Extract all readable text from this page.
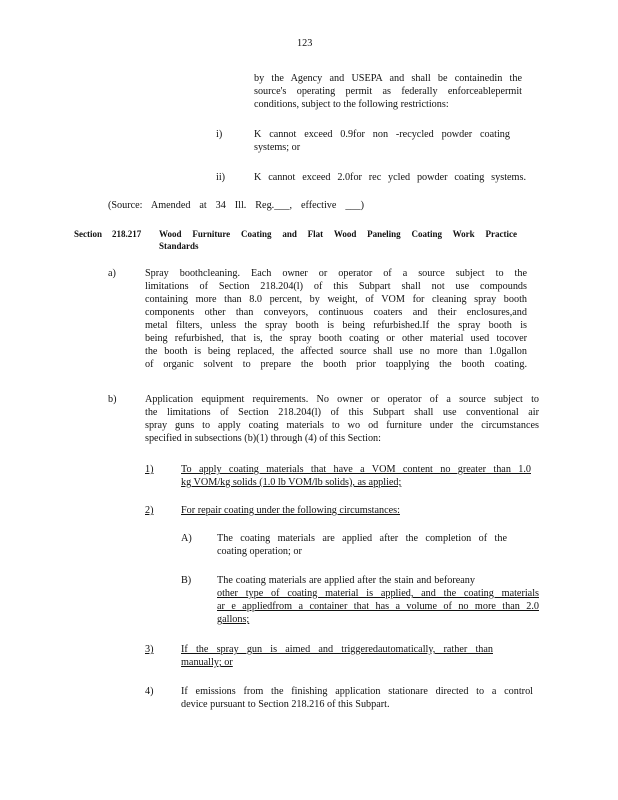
123
by the Agency and USEPA and shall be containedin the
source's operating permit as federally enforceablepermit
conditions, subject to the following restrictions:
i)	K cannot exceed 0.9for non -recycled powder coating
systems; or
ii)	K cannot exceed 2.0for rec ycled powder coating systems.
(Source: Amended at 34 Ill. Reg.___, effective ___)
Section 218.217 Wood Furniture Coating and Flat Wood Paneling Coating Work Practice
Standards
a)	Spray boothcleaning. Each owner or operator of a source subject to the
limitations of Section 218.204(l) of this Subpart shall not use compounds
containing more than 8.0 percent, by weight, of VOM for cleaning spray booth
components other than conveyors, continuous coaters and their enclosures,and
metal filters, unless the spray booth is being refurbished.If the spray booth is
being refurbished, that is, the spray booth coating or other material used tocover
the booth is being replaced, the affected source shall use no more than 1.0gallon
of organic solvent to prepare the booth prior toapplying the booth coating.
b)	Application equipment requirements. No owner or operator of a source subject to
the limitations of Section 218.204(l) of this Subpart shall use conventional air
spray guns to apply coating materials to wo od furniture under the circumstances
specified in subsections (b)(1) through (4) of this Section:
1)	To apply coating materials that have a VOM content no greater than 1.0
kg VOM/kg solids (1.0 lb VOM/lb solids), as applied;
2)	For repair coating under the following circumstances:
A) The coating materials are applied after the completion of the
coating operation; or
B)	The coating materials are applied after the stain and beforeany
other type of coating material is applied, and the coating materials
ar e appliedfrom a container that has a volume of no more than 2.0
gallons;
3)	If the spray gun is aimed and triggeredautomatically, rather than
manually; or
4)	If emissions from the finishing application stationare directed to a control
device pursuant to Section 218.216 of this Subpart.
